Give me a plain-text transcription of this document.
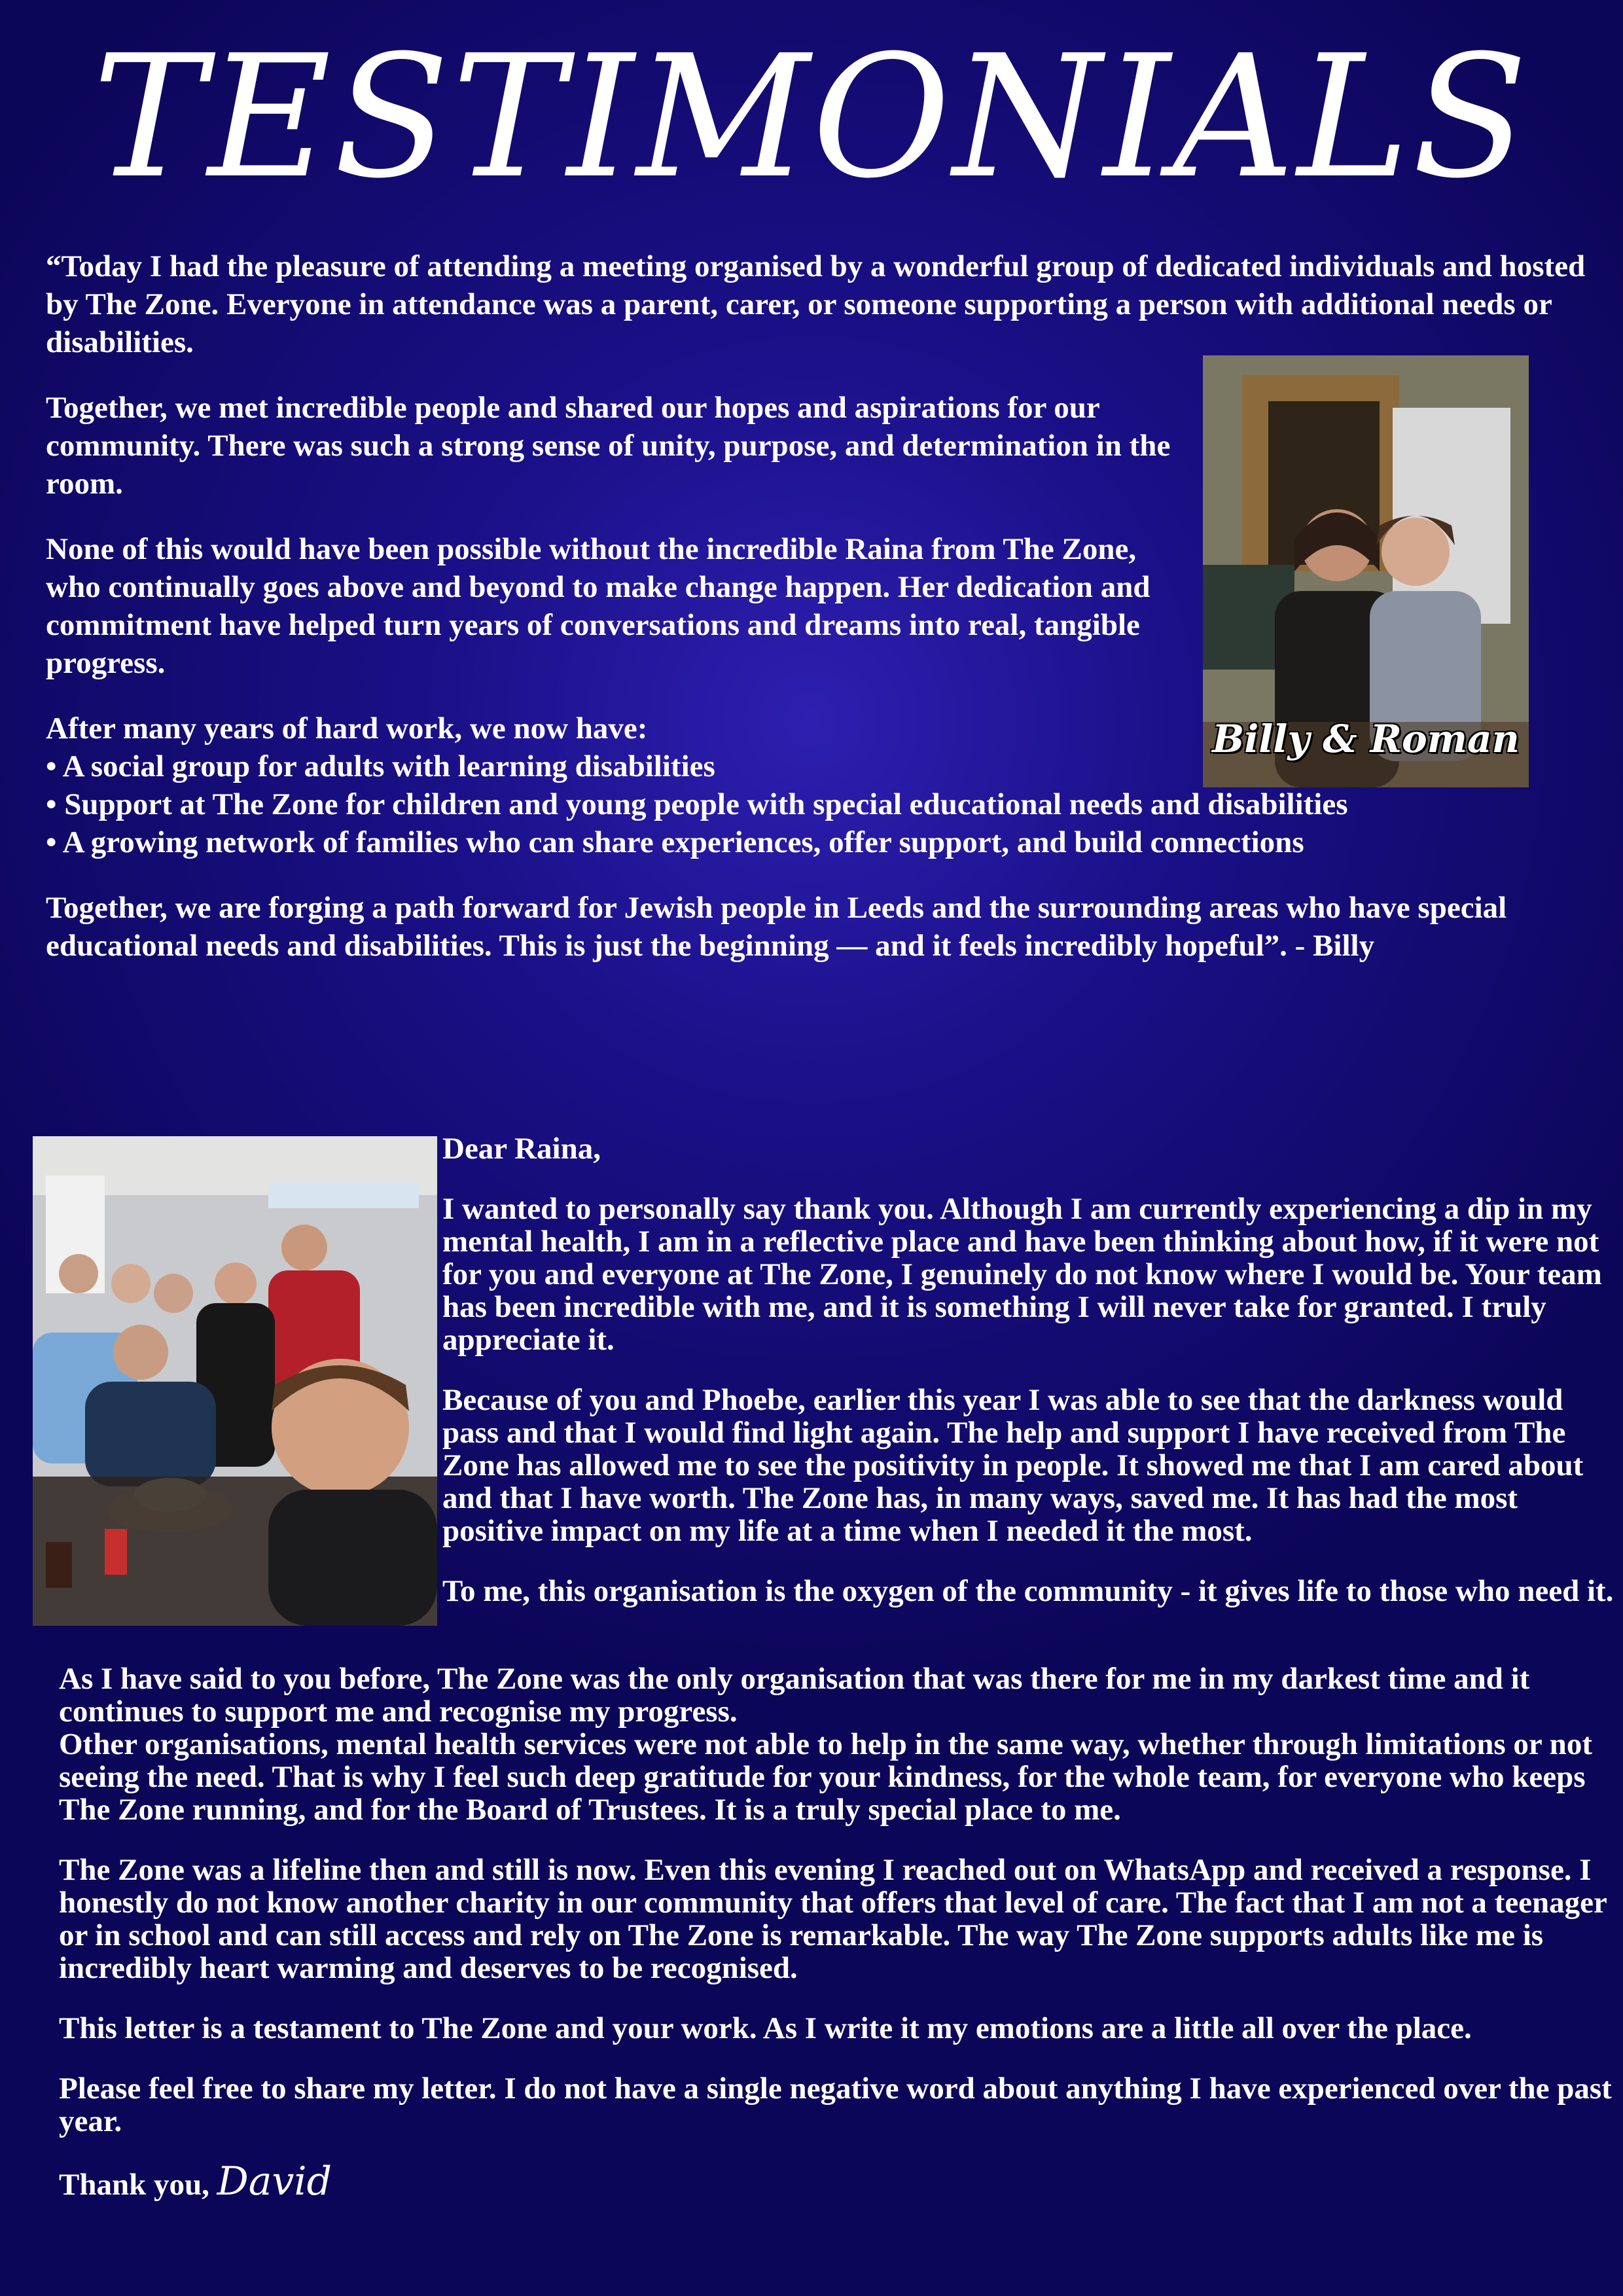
TESTIMONIALS

“Today I had the pleasure of attending a meeting organised by a wonderful group of dedicated individuals and hosted by The Zone. Everyone in attendance was a parent, carer, or someone supporting a person with additional needs or disabilities.

Together, we met incredible people and shared our hopes and aspirations for our community. There was such a strong sense of unity, purpose, and determination in the room.

None of this would have been possible without the incredible Raina from The Zone, who continually goes above and beyond to make change happen. Her dedication and commitment have helped turn years of conversations and dreams into real, tangible progress.

After many years of hard work, we now have:
• A social group for adults with learning disabilities
• Support at The Zone for children and young people with special educational needs and disabilities
• A growing network of families who can share experiences, offer support, and build connections

Together, we are forging a path forward for Jewish people in Leeds and the surrounding areas who have special educational needs and disabilities. This is just the beginning — and it feels incredibly hopeful”. - Billy

Billy & Roman

Dear Raina,

I wanted to personally say thank you. Although I am currently experiencing a dip in my mental health, I am in a reflective place and have been thinking about how, if it were not for you and everyone at The Zone, I genuinely do not know where I would be. Your team has been incredible with me, and it is something I will never take for granted. I truly appreciate it.

Because of you and Phoebe, earlier this year I was able to see that the darkness would pass and that I would find light again. The help and support I have received from The Zone has allowed me to see the positivity in people. It showed me that I am cared about and that I have worth. The Zone has, in many ways, saved me. It has had the most positive impact on my life at a time when I needed it the most.

To me, this organisation is the oxygen of the community - it gives life to those who need it.

As I have said to you before, The Zone was the only organisation that was there for me in my darkest time and it continues to support me and recognise my progress.

Other organisations, mental health services were not able to help in the same way, whether through limitations or not seeing the need. That is why I feel such deep gratitude for your kindness, for the whole team, for everyone who keeps The Zone running, and for the Board of Trustees. It is a truly special place to me.

The Zone was a lifeline then and still is now. Even this evening I reached out on WhatsApp and received a response. I honestly do not know another charity in our community that offers that level of care. The fact that I am not a teenager or in school and can still access and rely on The Zone is remarkable. The way The Zone supports adults like me is incredibly heart warming and deserves to be recognised.

This letter is a testament to The Zone and your work. As I write it my emotions are a little all over the place.

Please feel free to share my letter. I do not have a single negative word about anything I have experienced over the past year.

Thank you, David
